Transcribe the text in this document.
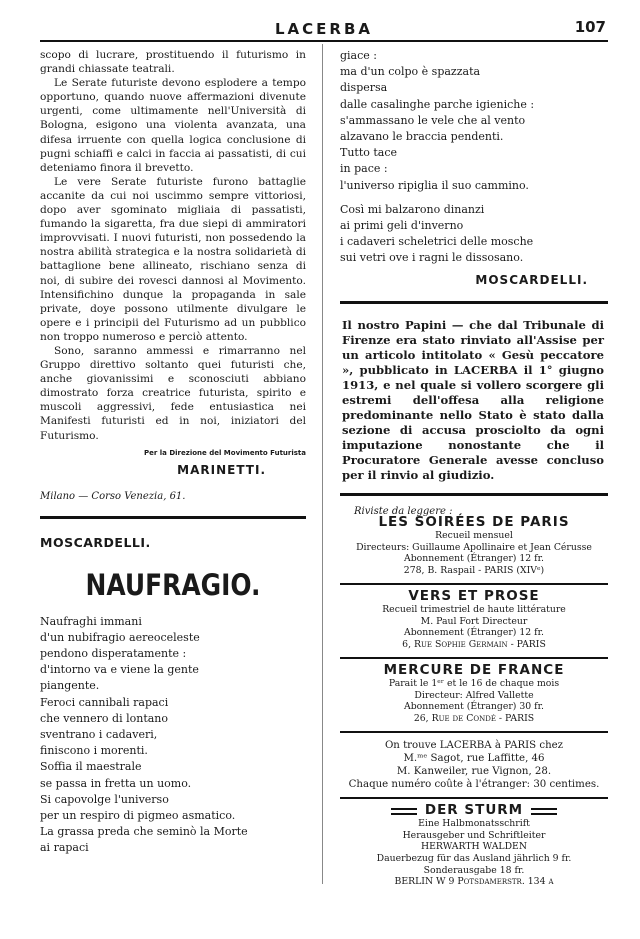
LACERBA	107

scopo di lucrare, prostituendo il futurismo in grandi chiassate teatrali.

Le Serate futuriste devono esplodere a tempo opportuno, quando nuove affermazioni divenute urgenti, come ultimamente nell'Università di Bologna, esigono una violenta avanzata, una difesa irruente con quella logica conclusione di pugni schiaffi e calci in faccia ai passatisti, di cui deteniamo finora il brevetto.

Le vere Serate futuriste furono battaglie accanite da cui noi uscimmo sempre vittoriosi, dopo aver sgominato migliaia di passatisti, fumando la sigaretta, fra due siepi di ammiratori improvvisati. I nuovi futuristi, non possedendo la nostra abilità strategica e la nostra solidarietà di battaglione bene allineato, rischiano senza di noi, di subire dei rovesci dannosi al Movimento. Intensifichino dunque la propaganda in sale private, doye possono utilmente divulgare le opere e i principii del Futurismo ad un pubblico non troppo numeroso e perciò attento.

Sono, saranno ammessi e rimarranno nel Gruppo direttivo soltanto quei futuristi che, anche giovanissimi e sconosciuti abbiano dimostrato forza creatrice futurista, spirito e muscoli aggressivi, fede entusiastica nei Manifesti futuristi ed in noi, iniziatori del Futurismo.

Per la Direzione del Movimento Futurista
MARINETTI.
Milano — Corso Venezia, 61.
MOSCARDELLI.
NAUFRAGIO.
Naufraghi immani
d'un nubifragio aereoceleste
pendono disperatamente :
d'intorno va e viene la gente
piangente.
Feroci cannibali rapaci
che vennero di lontano
sventrano i cadaveri,
finiscono i morenti.
Soffia il maestrale
se passa in fretta un uomo.
Si capovolge l'universo
per un respiro di pigmeo asmatico.
La grassa preda che seminò la Morte
ai rapaci
giace :
ma d'un colpo è spazzata
dispersa
dalle casalinghe parche igieniche :
s'ammassano le vele che al vento
alzavano le braccia pendenti.
Tutto tace
in pace :
l'universo ripiglia il suo cammino.
Così mi balzarono dinanzi
ai primi geli d'inverno
i cadaveri scheletrici delle mosche
sui vetri ove i ragni le dissosano.
MOSCARDELLI.
Il nostro Papini — che dal Tribunale di Firenze era stato rinviato all'Assise per un articolo intitolato « Gesù peccatore », pubblicato in LACERBA il 1° giugno 1913, e nel quale si vollero scorgere gli estremi dell'offesa alla religione predominante nello Stato è stato dalla sezione di accusa prosciolto da ogni imputazione nonostante che il Procuratore Generale avesse concluso per il rinvio al giudizio.
Riviste da leggere :
LES SOIRÉES DE PARIS
Recueil mensuel
Directeurs: Guillaume Apollinaire et Jean Cérusse
Abonnement (Étranger) 12 fr.
278, B. Raspail - PARIS (XIVᵉ)
VERS ET PROSE
Recueil trimestriel de haute littérature
M. Paul Fort Directeur
Abonnement (Étranger) 12 fr.
6, Rue Sophie Germain - PARIS
MERCURE DE FRANCE
Parait le 1ᵉʳ et le 16 de chaque mois
Directeur: Alfred Vallette
Abonnement (Étranger) 30 fr.
26, Rue de Condé - PARIS
On trouve LACERBA à PARIS chez
M.ᵐᵉ Sagot, rue Laffitte, 46
M. Kanweiler, rue Vignon, 28.
Chaque numéro coûte à l'étranger: 30 centimes.
DER STURM
Eine Halbmonatsschrift
Herausgeber und Schriftleiter
HERWARTH WALDEN
Dauerbezug für das Ausland jährlich 9 fr. Sonderausgabe 18 fr.
BERLIN W 9 Potsdamerstr. 134 a
